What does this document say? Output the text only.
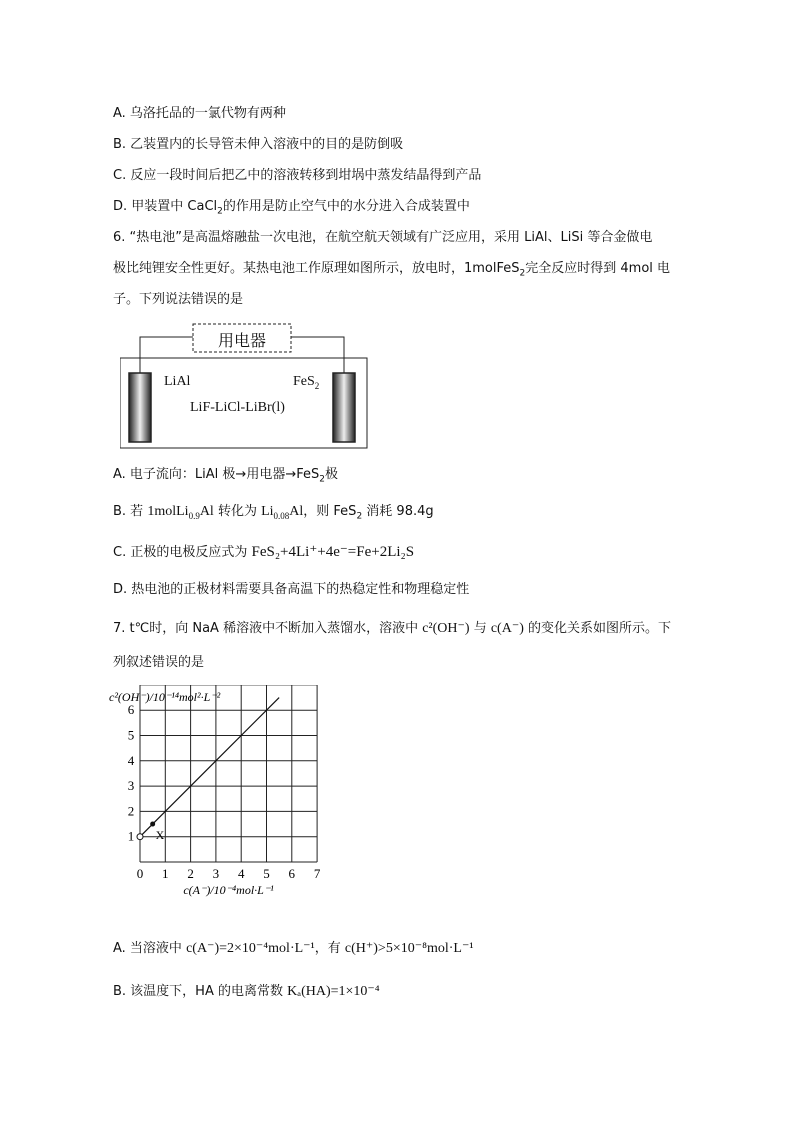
A. 乌洛托品的一氯代物有两种
B. 乙装置内的长导管未伸入溶液中的目的是防倒吸
C. 反应一段时间后把乙中的溶液转移到坩埚中蒸发结晶得到产品
D. 甲装置中 CaCl$_2$的作用是防止空气中的水分进入合成装置中
6. “热电池”是高温熔融盐一次电池，在航空航天领域有广泛应用，采用 LiAl、LiSi 等合金做电
极比纯锂安全性更好。某热电池工作原理如图所示，放电时，1molFeS$_2$完全反应时得到 4mol 电
子。下列说法错误的是
用电器
LiAl	FeS$_2$
LiF-LiCl-LiBr(l)
A. 电子流向：LiAl 极→用电器→FeS$_2$极
B. 若 1molLi$_{0.9}$Al 转化为 $Li_{0.08}Al$，则 FeS$_2$ 消耗 98.4g
C. 正极的电极反应式为 FeS₂+4Li⁺+4e⁻=Fe+2Li₂S
D. 热电池的正极材料需要具备高温下的热稳定性和物理稳定性
7. t℃时，向 NaA 稀溶液中不断加入蒸馏水，溶液中 c²(OH⁻) 与 c(A⁻) 的变化关系如图所示。下
列叙述错误的是
0 1 2 3 4 5 6 7
1
2
3
4
5
6
c²(OH⁻)/10⁻¹⁴mol²·L⁻²
c(A⁻)/10⁻⁴mol·L⁻¹
X
A. 当溶液中 c(A⁻)=2×10⁻⁴mol·L⁻¹，有 c(H⁺)>5×10⁻⁸mol·L⁻¹
B. 该温度下，HA 的电离常数 Kₐ(HA)=1×10⁻⁴
